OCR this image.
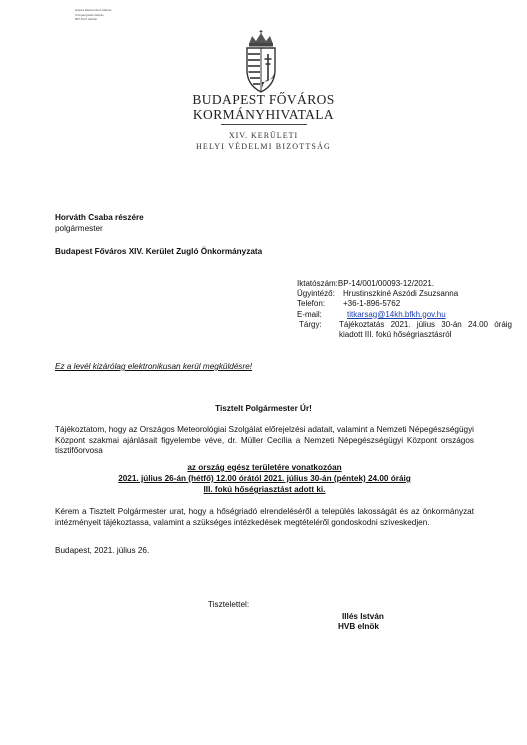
Hiteles Elektronikus Aláírás
Közigazgatási Aláírás
BPI-DCS aláírás
BUDAPEST FŐVÁROS
KORMÁNYHIVATALA
XIV. KERÜLETI
HELYI VÉDELMI BIZOTTSÁG
Horváth Csaba részére
polgármester
Budapest Főváros XIV. Kerület Zugló Önkormányzata
Iktatószám: BP-14/001/00093-12/2021.
Ügyintéző:	Hrustinszkiné Aszódi Zsuzsanna
Telefon:	+36-1-896-5762
E-mail:	titkarsag@14kh.bfkh.gov.hu
Tárgy:	Tájékoztatás 2021. július 30-án 24.00 óráig kiadott III. fokú hőségriasztásról
Ez a levél kizárólag elektronikusan kerül megküldésre!
Tisztelt Polgármester Úr!
Tájékoztatom, hogy az Országos Meteorológiai Szolgálat előrejelzési adatait, valamint a Nemzeti Népegészségügyi Központ szakmai ajánlásait figyelembe véve, dr. Müller Cecília a Nemzeti Népegészségügyi Központ országos tisztifőorvosa
az ország egész területére vonatkozóan
2021. július 26-án (hétfő) 12.00 órától 2021. július 30-án (péntek) 24.00 óráig
III. fokú hőségriasztást adott ki.
Kérem a Tisztelt Polgármester urat, hogy a hőségriadó elrendeléséről a település lakosságát és az önkormányzat intézményeit tájékoztassa, valamint a szükséges intézkedések megtételéről gondoskodni szíveskedjen.
Budapest, 2021. július 26.
Tisztelettel:
Illés István
HVB elnök
